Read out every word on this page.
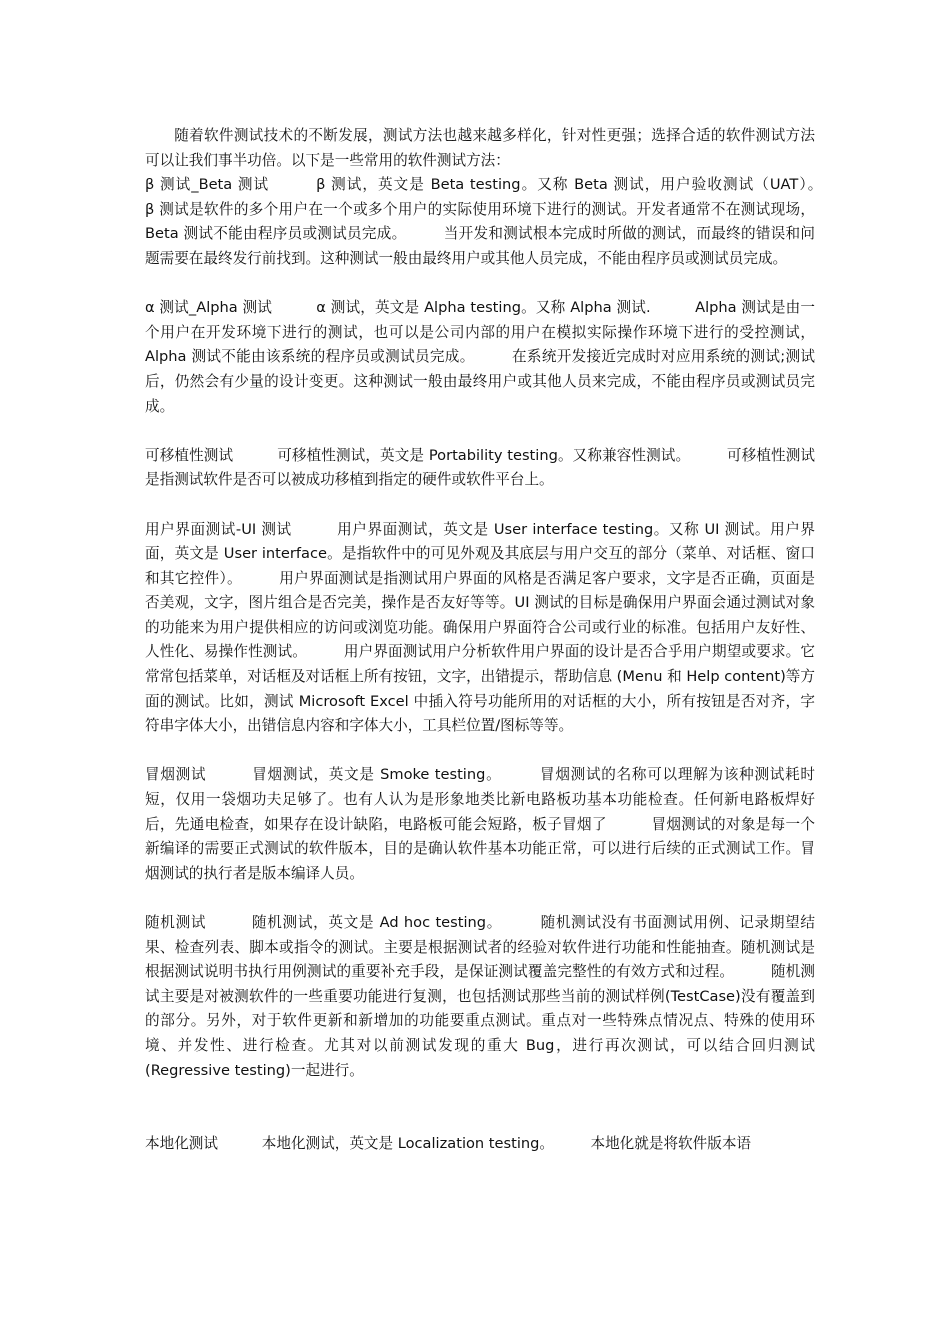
随着软件测试技术的不断发展，测试方法也越来越多样化，针对性更强；选择合适的软件测试方法可以让我们事半功倍。以下是一些常用的软件测试方法：

β 测试_Beta 测试　　　β 测试，英文是 Beta testing。又称 Beta 测试，用户验收测试（UAT）。　　　β 测试是软件的多个用户在一个或多个用户的实际使用环境下进行的测试。开发者通常不在测试现场，Beta 测试不能由程序员或测试员完成。　　　当开发和测试根本完成时所做的测试，而最终的错误和问题需要在最终发行前找到。这种测试一般由最终用户或其他人员完成，不能由程序员或测试员完成。

α 测试_Alpha 测试　　　α 测试，英文是 Alpha testing。又称 Alpha 测试.　　　Alpha 测试是由一个用户在开发环境下进行的测试，也可以是公司内部的用户在模拟实际操作环境下进行的受控测试，Alpha 测试不能由该系统的程序员或测试员完成。　　　在系统开发接近完成时对应用系统的测试;测试后，仍然会有少量的设计变更。这种测试一般由最终用户或其他人员来完成，不能由程序员或测试员完成。

可移植性测试　　　可移植性测试，英文是 Portability testing。又称兼容性测试。　　　可移植性测试是指测试软件是否可以被成功移植到指定的硬件或软件平台上。

用户界面测试-UI 测试　　　用户界面测试，英文是 User interface testing。又称 UI 测试。用户界面，英文是 User interface。是指软件中的可见外观及其底层与用户交互的部分（菜单、对话框、窗口和其它控件）。　　　用户界面测试是指测试用户界面的风格是否满足客户要求，文字是否正确，页面是否美观，文字，图片组合是否完美，操作是否友好等等。UI 测试的目标是确保用户界面会通过测试对象的功能来为用户提供相应的访问或浏览功能。确保用户界面符合公司或行业的标准。包括用户友好性、人性化、易操作性测试。　　　用户界面测试用户分析软件用户界面的设计是否合乎用户期望或要求。它常常包括菜单，对话框及对话框上所有按钮，文字，出错提示，帮助信息 (Menu 和 Help content)等方面的测试。比如，测试 Microsoft Excel 中插入符号功能所用的对话框的大小，所有按钮是否对齐，字符串字体大小，出错信息内容和字体大小，工具栏位置/图标等等。

冒烟测试　　　冒烟测试，英文是 Smoke testing。　　　冒烟测试的名称可以理解为该种测试耗时短，仅用一袋烟功夫足够了。也有人认为是形象地类比新电路板功基本功能检查。任何新电路板焊好后，先通电检查，如果存在设计缺陷，电路板可能会短路，板子冒烟了　　　冒烟测试的对象是每一个新编译的需要正式测试的软件版本，目的是确认软件基本功能正常，可以进行后续的正式测试工作。冒烟测试的执行者是版本编译人员。

随机测试　　　随机测试，英文是 Ad hoc testing。　　　随机测试没有书面测试用例、记录期望结果、检查列表、脚本或指令的测试。主要是根据测试者的经验对软件进行功能和性能抽查。随机测试是根据测试说明书执行用例测试的重要补充手段，是保证测试覆盖完整性的有效方式和过程。　　　随机测试主要是对被测软件的一些重要功能进行复测，也包括测试那些当前的测试样例(TestCase)没有覆盖到的部分。另外，对于软件更新和新增加的功能要重点测试。重点对一些特殊点情况点、特殊的使用环境、并发性、进行检查。尤其对以前测试发现的重大 Bug，进行再次测试，可以结合回归测试 (Regressive testing)一起进行。

本地化测试　　　本地化测试，英文是 Localization testing。　　　本地化就是将软件版本语
